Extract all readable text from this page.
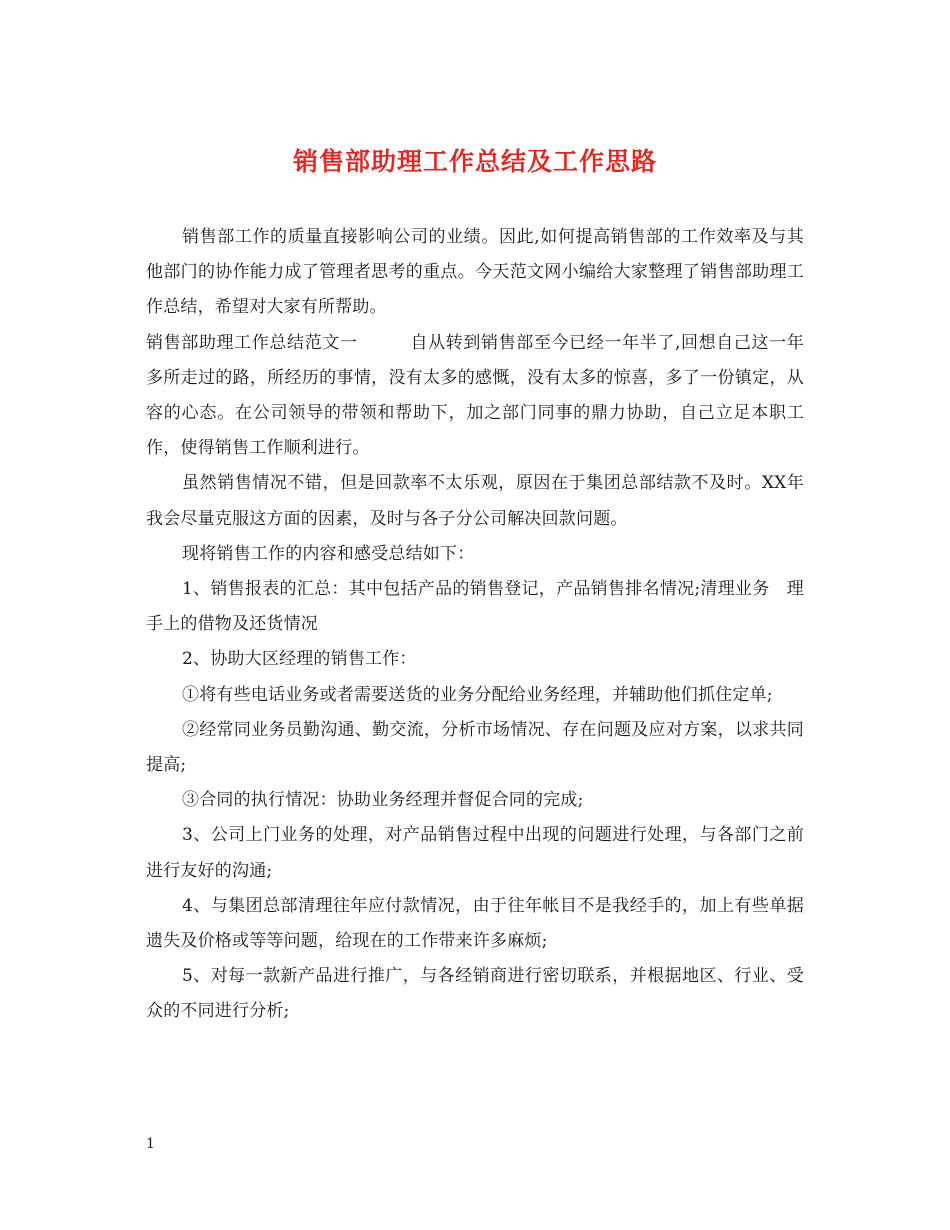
销售部助理工作总结及工作思路

销售部工作的质量直接影响公司的业绩。因此,如何提高销售部的工作效率及与其他部门的协作能力成了管理者思考的重点。今天范文网小编给大家整理了销售部助理工作总结，希望对大家有所帮助。

销售部助理工作总结范文一　　　自从转到销售部至今已经一年半了,回想自己这一年多所走过的路，所经历的事情，没有太多的感慨，没有太多的惊喜，多了一份镇定，从容的心态。在公司领导的带领和帮助下，加之部门同事的鼎力协助，自己立足本职工作，使得销售工作顺利进行。

虽然销售情况不错，但是回款率不太乐观，原因在于集团总部结款不及时。XX年我会尽量克服这方面的因素，及时与各子分公司解决回款问题。

现将销售工作的内容和感受总结如下：

1、销售报表的汇总：其中包括产品的销售登记，产品销售排名情况;清理业务　理手上的借物及还货情况

2、协助大区经理的销售工作：

①将有些电话业务或者需要送货的业务分配给业务经理，并辅助他们抓住定单;

②经常同业务员勤沟通、勤交流，分析市场情况、存在问题及应对方案，以求共同提高;

③合同的执行情况：协助业务经理并督促合同的完成;

3、公司上门业务的处理，对产品销售过程中出现的问题进行处理，与各部门之前进行友好的沟通;

4、与集团总部清理往年应付款情况，由于往年帐目不是我经手的，加上有些单据遗失及价格或等等问题，给现在的工作带来许多麻烦;

5、对每一款新产品进行推广，与各经销商进行密切联系，并根据地区、行业、受众的不同进行分析;

1
